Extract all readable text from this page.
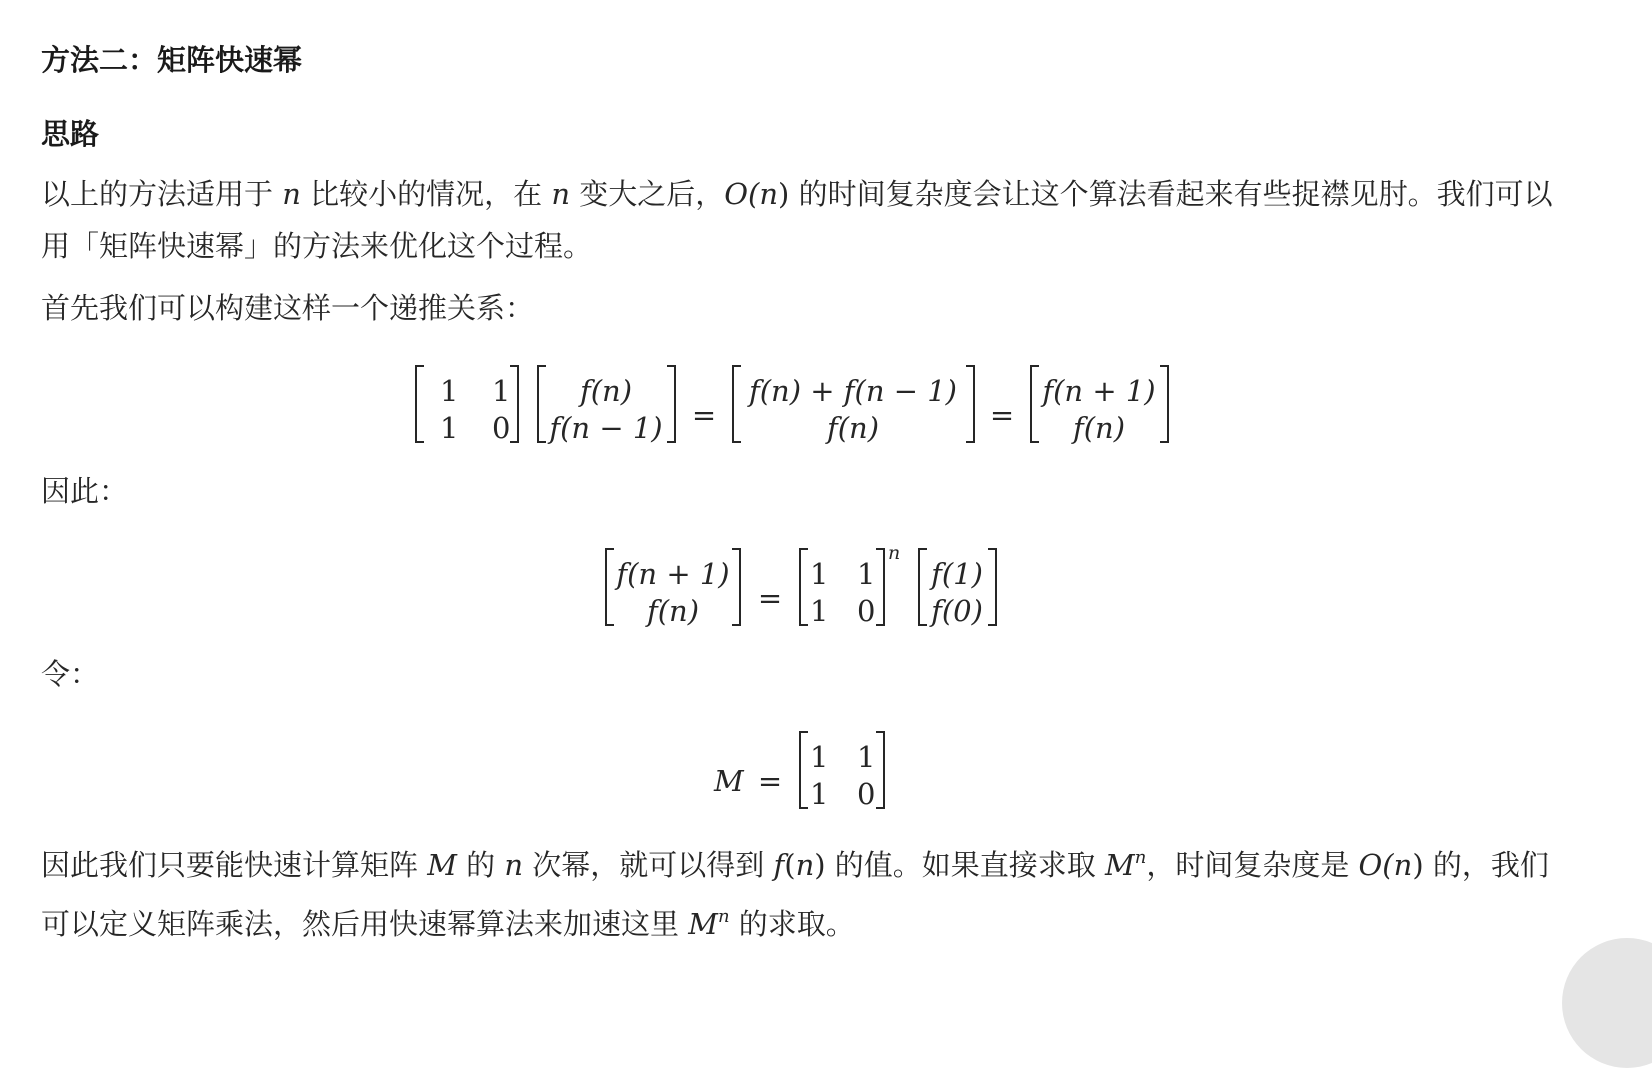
方法二：矩阵快速幂
思路

以上的方法适用于 n 比较小的情况，在 n 变大之后，O(n) 的时间复杂度会让这个算法看起来有些捉襟见肘。我们可以用「矩阵快速幂」的方法来优化这个过程。

首先我们可以构建这样一个递推关系：

因此：

令：

因此我们只要能快速计算矩阵 M 的 n 次幂，就可以得到 f(n) 的值。如果直接求取 $M^n$，时间复杂度是 O(n) 的，我们可以定义矩阵乘法，然后用快速幂算法来加速这里 $M^n$ 的求取。

1 1
1 0
f(n)
f(n − 1) =
f(n) + f(n − 1)
f(n)	=
f(n + 1)
f(n)
f(n + 1)
f(n) =
1 1
1 0
n
f(1)
f(0)
M =
1 1
1 0
